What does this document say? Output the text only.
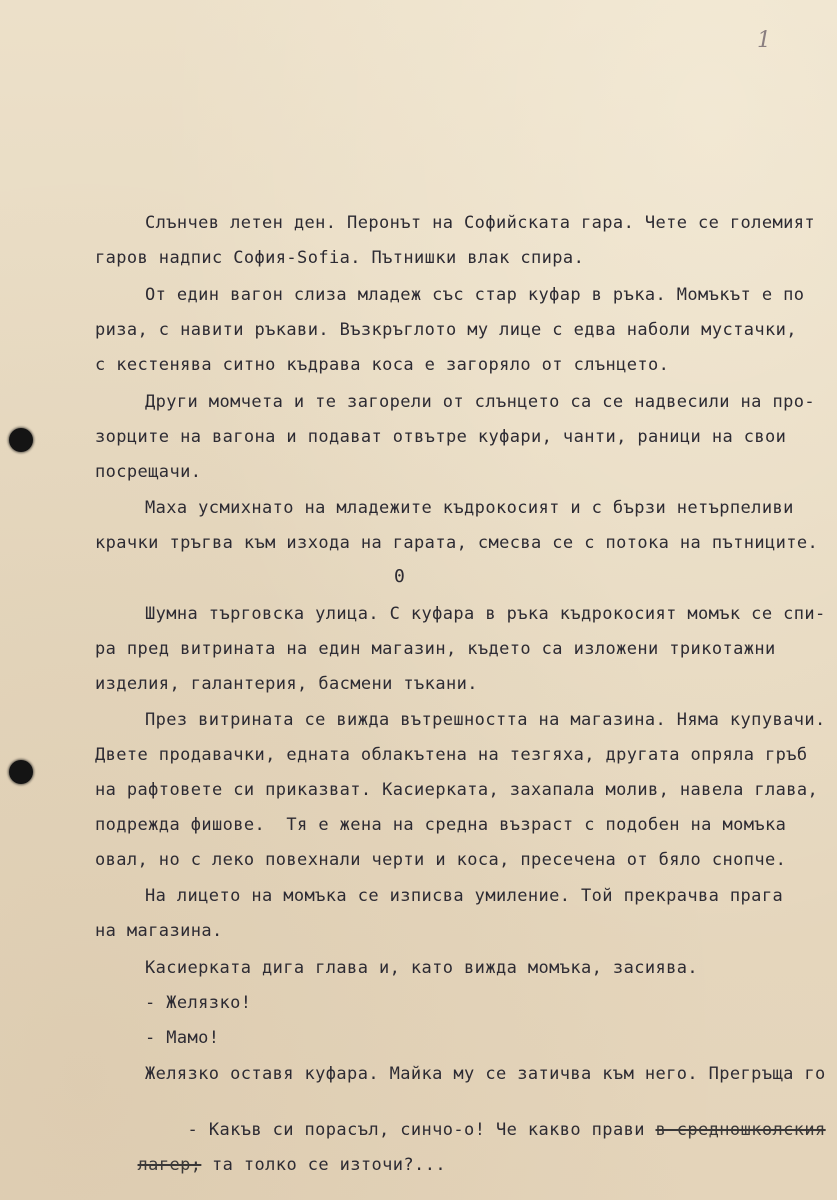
1
Слънчев летен ден. Перонът на Софийската гара. Чете се големият
гаров надпис София-Sofia. Пътнишки влак спира.
От един вагон слиза младеж със стар куфар в ръка. Момъкът е по
риза, с навити ръкави. Възкръглото му лице с едва наболи мустачки,
с кестенява ситно къдрава коса е загоряло от слънцето.
Други момчета и те загорели от слънцето са се надвесили на про-
зорците на вагона и подават отвътре куфари, чанти, раници на свои
посрещачи.
Маха усмихнато на младежите къдрокосият и с бързи нетърпеливи
крачки тръгва към изхода на гарата, смесва се с потока на пътниците.
0
Шумна търговска улица. С куфара в ръка къдрокосият момък се спи-
ра пред витрината на един магазин, където са изложени трикотажни
изделия, галантерия, басмени тъкани.
През витрината се вижда вътрешността на магазина. Няма купувачи.
Двете продавачки, едната облакътена на тезгяха, другата опряла гръб
на рафтовете си приказват. Касиерката, захапала молив, навела глава,
подрежда фишове.  Тя е жена на средна възраст с подобен на момъка
овал, но с леко повехнали черти и коса, пресечена от бяло снопче.
На лицето на момъка се изписва умиление. Той прекрачва прага
на магазина.
Касиерката дига глава и, като вижда момъка, засиява.
- Желязко!
- Мамо!
Желязко оставя куфара. Майка му се затичва към него. Прегръща го

- Какъв си порасъл, синчо-о! Че какво прави в средношколския

лагер; та толко се източи?...
